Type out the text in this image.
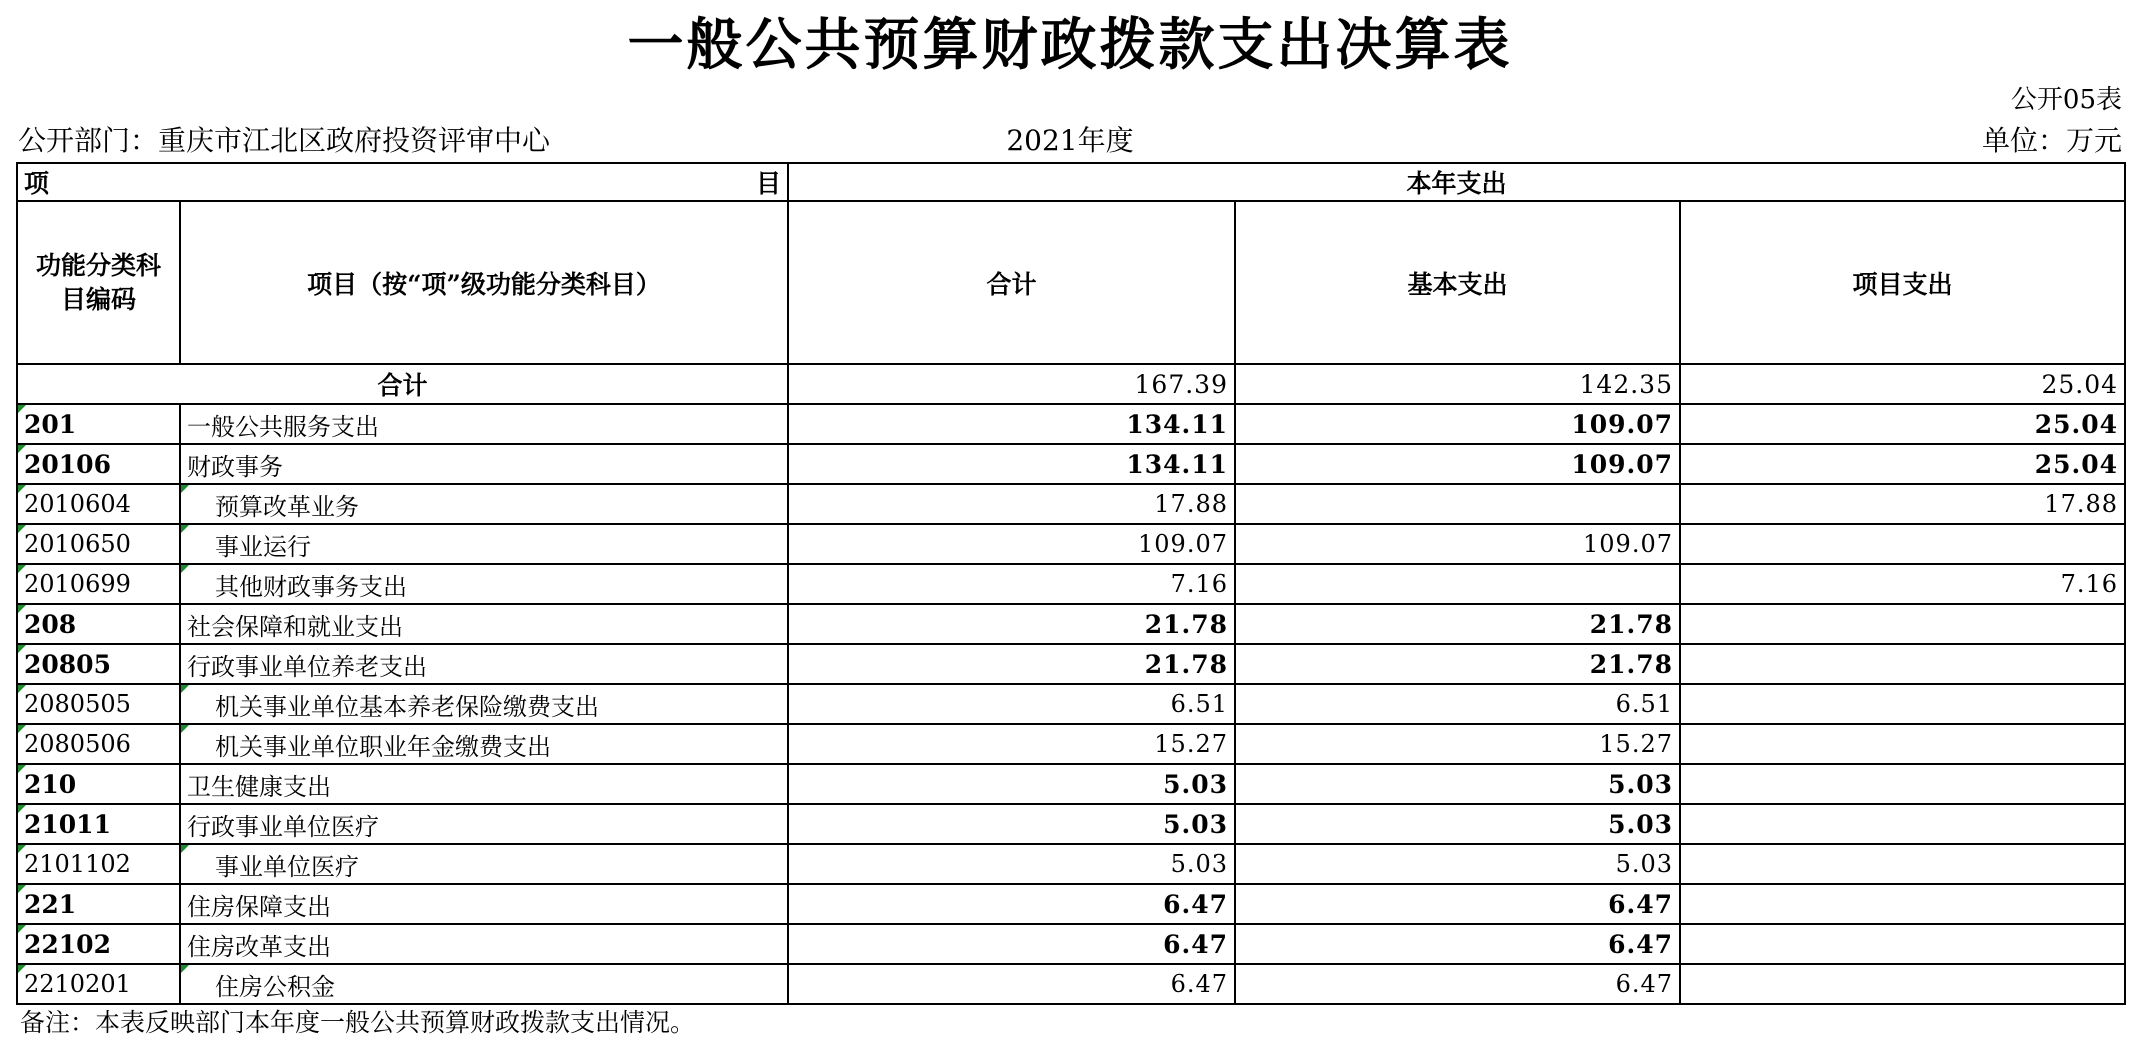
一般公共预算财政拨款支出决算表
公开05表
公开部门：重庆市江北区政府投资评审中心	2021年度	单位：万元
项 目		本年支出		
功能分类科目编码	项目（按“项”级功能分类科目）	合计	基本支出	项目支出
合计		167.39	142.35	25.04

201	一般公共服务支出	134.11	109.07	25.04

20106	财政事务	134.11	109.07	25.04

2010604	预算改革业务	17.88		17.88

2010650	事业运行	109.07	109.07	

2010699	其他财政事务支出	7.16		7.16

208	社会保障和就业支出	21.78	21.78	

20805	行政事业单位养老支出	21.78	21.78	

2080505	机关事业单位基本养老保险缴费支出	6.51	6.51	

2080506	机关事业单位职业年金缴费支出	15.27	15.27	

210	卫生健康支出	5.03	5.03	

21011	行政事业单位医疗	5.03	5.03	

2101102	事业单位医疗	5.03	5.03	

221	住房保障支出	6.47	6.47	

22102	住房改革支出	6.47	6.47	

2210201	住房公积金	6.47	6.47	
备注：本表反映部门本年度一般公共预算财政拨款支出情况。
